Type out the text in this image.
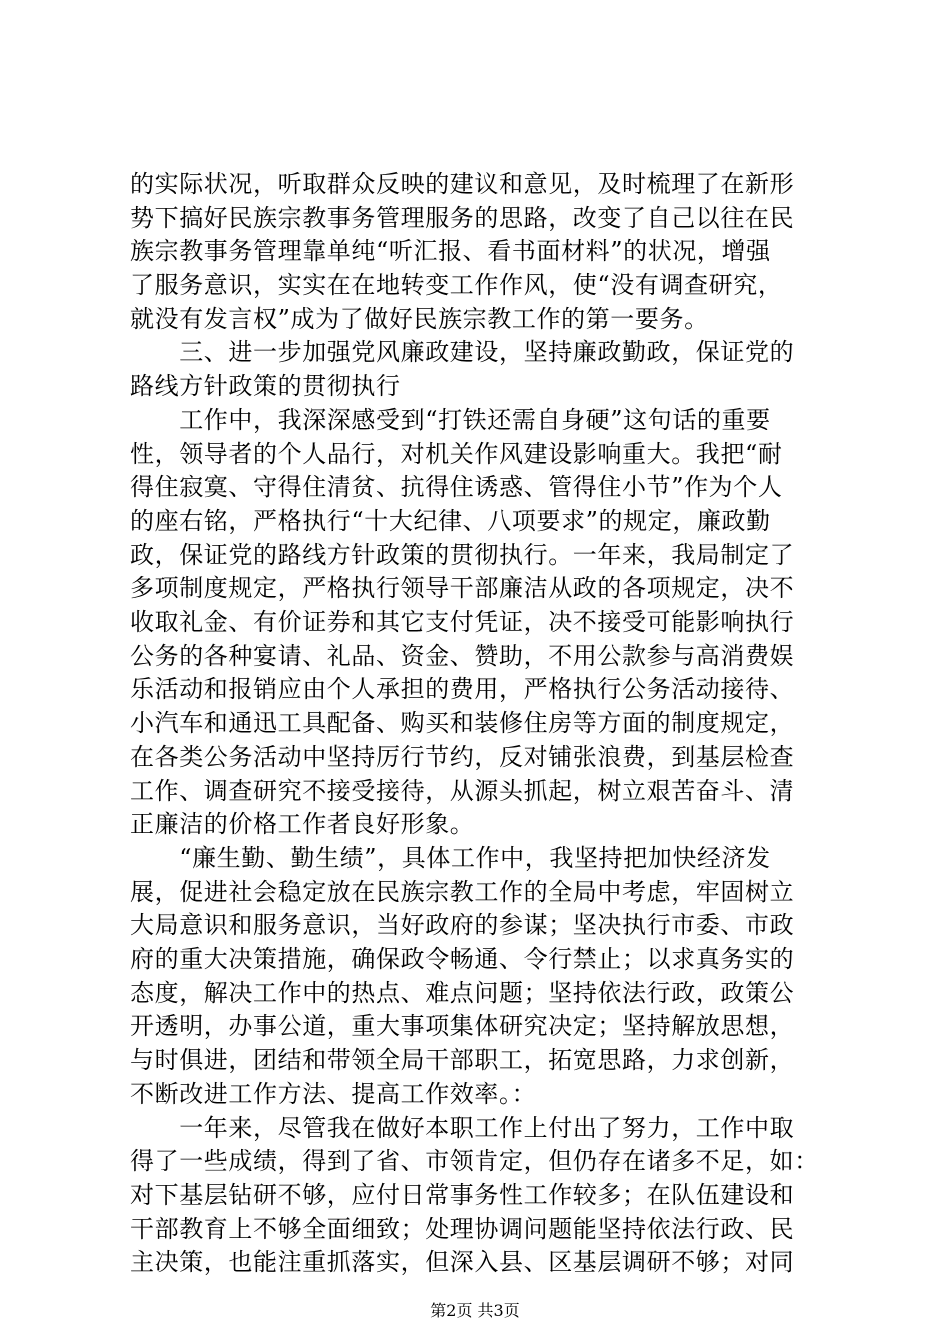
的实际状况，听取群众反映的建议和意见，及时梳理了在新形
势下搞好民族宗教事务管理服务的思路，改变了自己以往在民
族宗教事务管理靠单纯“听汇报、看书面材料”的状况，增强
了服务意识，实实在在地转变工作作风，使“没有调查研究，
就没有发言权”成为了做好民族宗教工作的第一要务。
　　三、进一步加强党风廉政建设，坚持廉政勤政，保证党的
路线方针政策的贯彻执行
　　工作中，我深深感受到“打铁还需自身硬”这句话的重要
性，领导者的个人品行，对机关作风建设影响重大。我把“耐
得住寂寞、守得住清贫、抗得住诱惑、管得住小节”作为个人
的座右铭，严格执行“十大纪律、八项要求”的规定，廉政勤
政，保证党的路线方针政策的贯彻执行。一年来，我局制定了
多项制度规定，严格执行领导干部廉洁从政的各项规定，决不
收取礼金、有价证券和其它支付凭证，决不接受可能影响执行
公务的各种宴请、礼品、资金、赞助，不用公款参与高消费娱
乐活动和报销应由个人承担的费用，严格执行公务活动接待、
小汽车和通迅工具配备、购买和装修住房等方面的制度规定，
在各类公务活动中坚持厉行节约，反对铺张浪费，到基层检查
工作、调查研究不接受接待，从源头抓起，树立艰苦奋斗、清
正廉洁的价格工作者良好形象。
　　“廉生勤、勤生绩”，具体工作中，我坚持把加快经济发
展，促进社会稳定放在民族宗教工作的全局中考虑，牢固树立
大局意识和服务意识，当好政府的参谋；坚决执行市委、市政
府的重大决策措施，确保政令畅通、令行禁止；以求真务实的
态度，解决工作中的热点、难点问题；坚持依法行政，政策公
开透明，办事公道，重大事项集体研究决定；坚持解放思想，
与时俱进，团结和带领全局干部职工，拓宽思路，力求创新，
不断改进工作方法、提高工作效率。：
　　一年来，尽管我在做好本职工作上付出了努力，工作中取
得了一些成绩，得到了省、市领肯定，但仍存在诸多不足，如：
对下基层钻研不够，应付日常事务性工作较多；在队伍建设和
干部教育上不够全面细致；处理协调问题能坚持依法行政、民
主决策，也能注重抓落实，但深入县、区基层调研不够；对同
第2页 共3页
